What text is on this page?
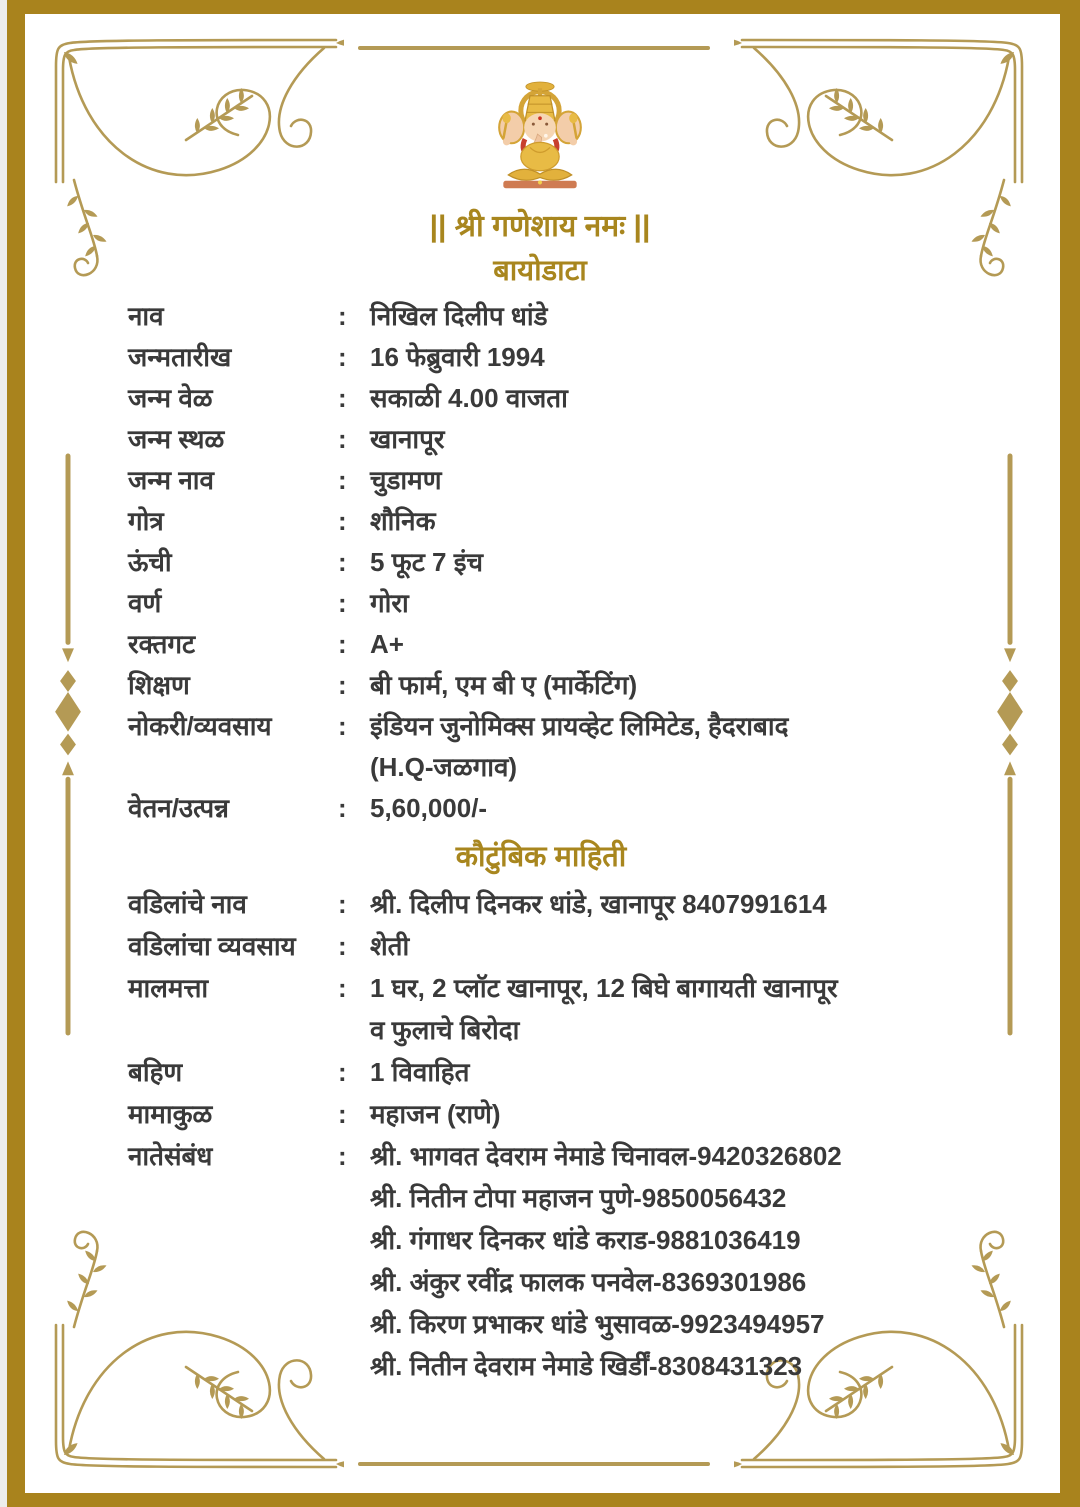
|| श्री गणेशाय नमः ||
बायोडाटा
नाव	: निखिल दिलीप धांडे
जन्मतारीख	: 16 फेब्रुवारी 1994
जन्म वेळ	: सकाळी 4.00 वाजता
जन्म स्थळ	: खानापूर
जन्म नाव	: चुडामण
गोत्र	: शौनिक
ऊंची	: 5 फूट 7 इंच
वर्ण	: गोरा
रक्तगट	: A+
शिक्षण	: बी फार्म, एम बी ए (मार्केटिंग)
नोकरी/व्यवसाय	: इंडियन जुनोमिक्स प्रायव्हेट लिमिटेड, हैदराबाद
(H.Q-जळगाव)
वेतन/उत्पन्न	: 5,60,000/-
कौटुंबिक माहिती
वडिलांचे नाव	: श्री. दिलीप दिनकर धांडे, खानापूर 8407991614
वडिलांचा व्यवसाय	: शेती
मालमत्ता	: 1 घर, 2 प्लॉट खानापूर, 12 बिघे बागायती खानापूर
व फुलाचे बिरोदा
बहिण	: 1 विवाहित
मामाकुळ	: महाजन (राणे)
नातेसंबंध	: श्री. भागवत देवराम नेमाडे चिनावल-9420326802
श्री. नितीन टोपा महाजन पुणे-9850056432
श्री. गंगाधर दिनकर धांडे कराड-9881036419
श्री. अंकुर रवींद्र फालक पनवेल-8369301986
श्री. किरण प्रभाकर धांडे भुसावळ-9923494957
श्री. नितीन देवराम नेमाडे खिर्डीं-8308431323
